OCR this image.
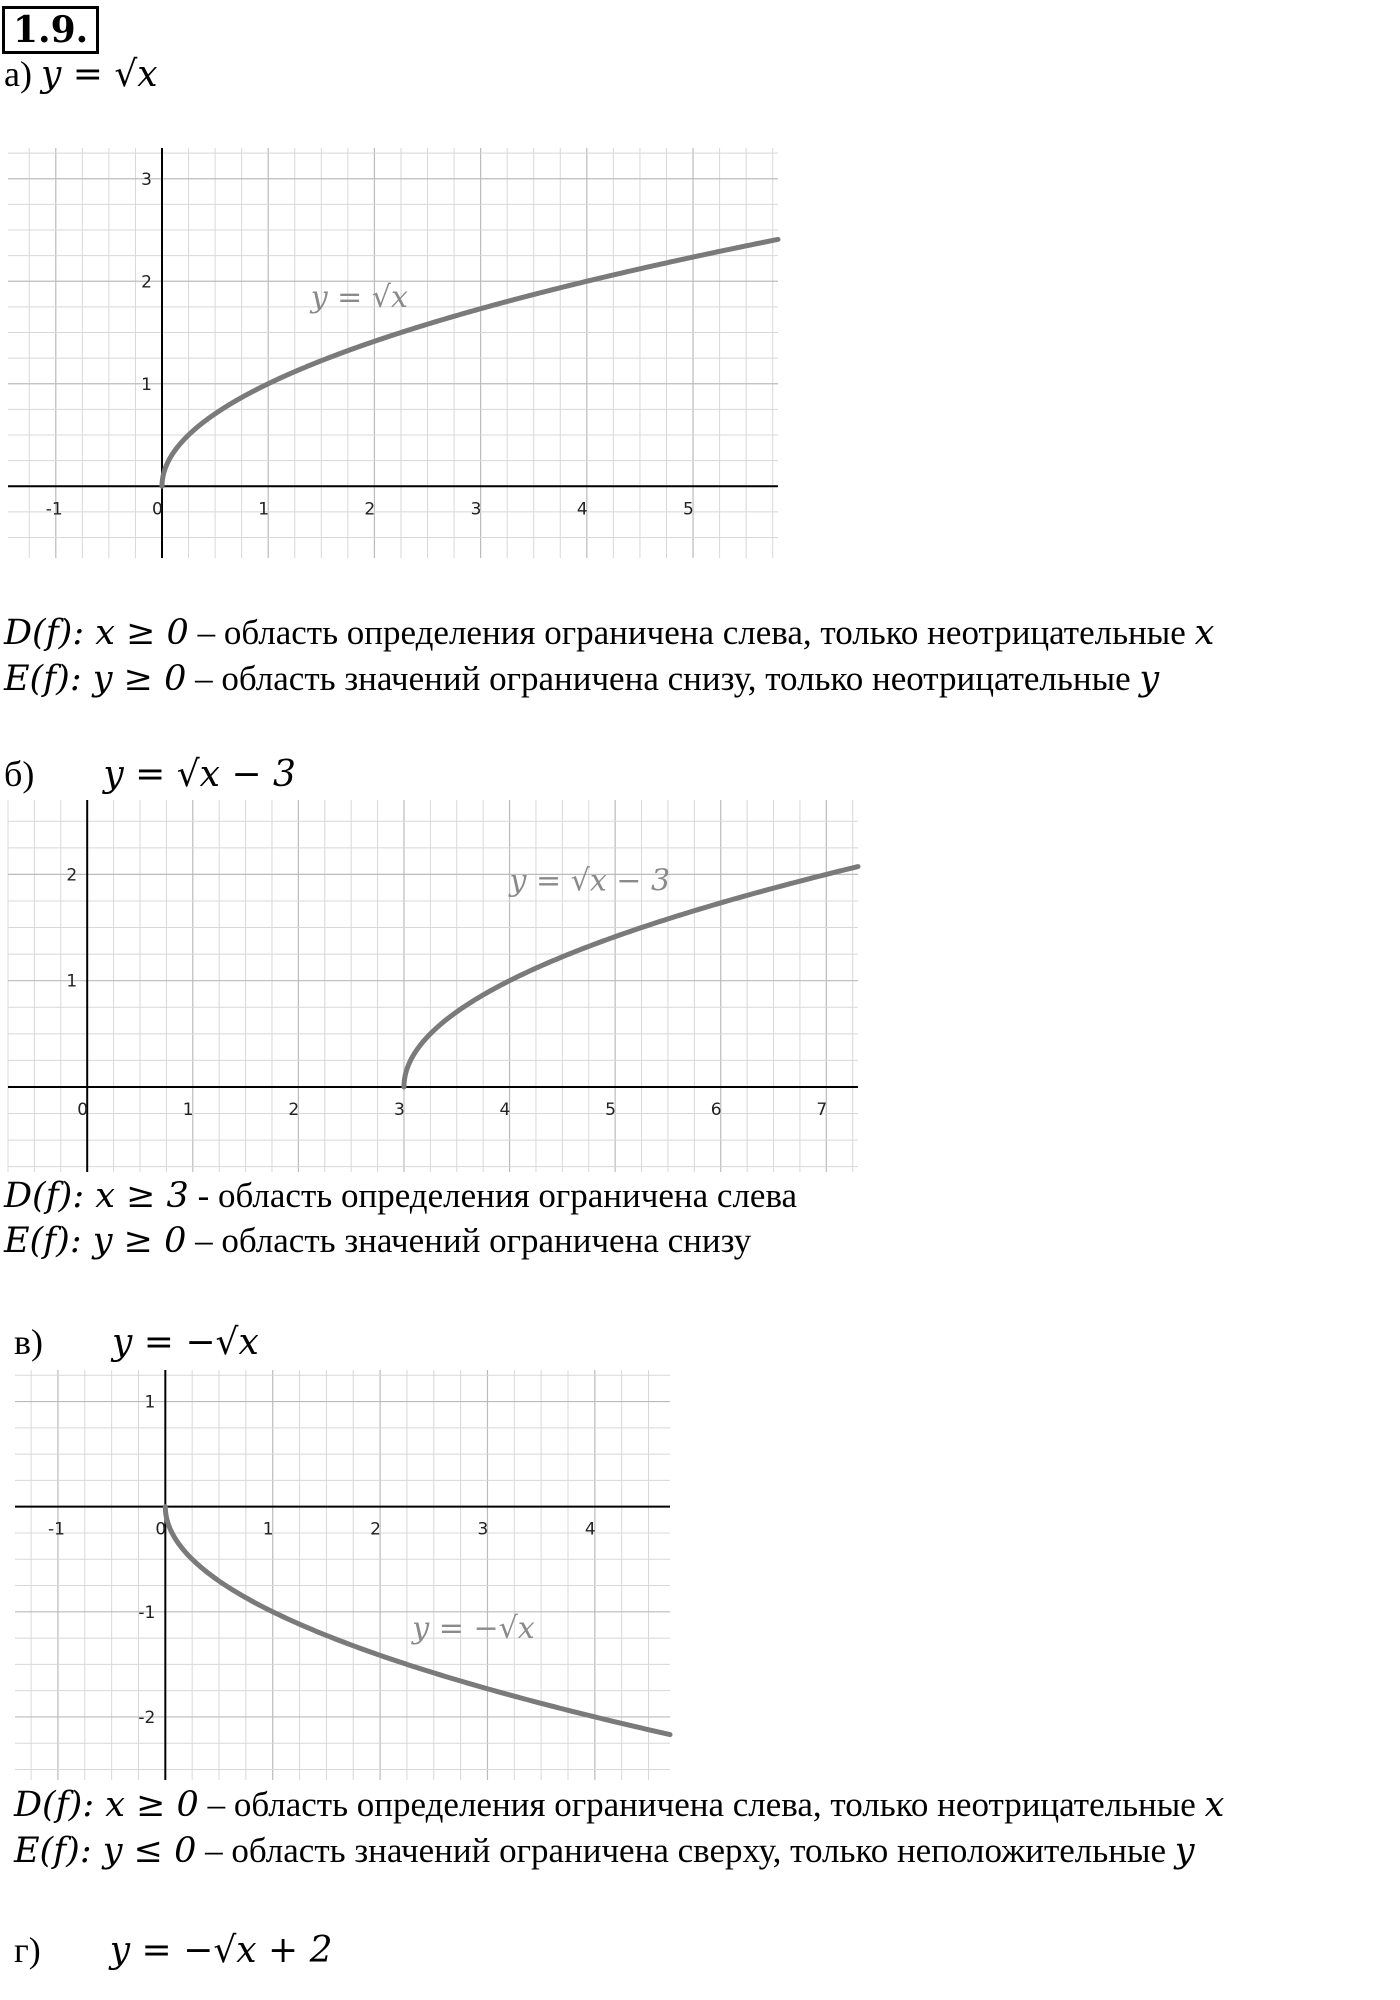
1.9.
а) y = √x
-1	0	1	2	3	4	5
1
2
3
y = √x
D(f): x ≥ 0 – область определения ограничена слева, только неотрицательные x
E(f): y ≥ 0 – область значений ограничена снизу, только неотрицательные y
б) y = √x − 3
0	1	2	3	4	5	6	7
1
2	y = √x − 3
D(f): x ≥ 3 - область определения ограничена слева
E(f): y ≥ 0 – область значений ограничена снизу
в) y = −√x
-1	0	1	2	3	4
1
-1
-2
y = −√x
D(f): x ≥ 0 – область определения ограничена слева, только неотрицательные x
E(f): y ≤ 0 – область значений ограничена сверху, только неположительные y
г) y = −√x + 2
